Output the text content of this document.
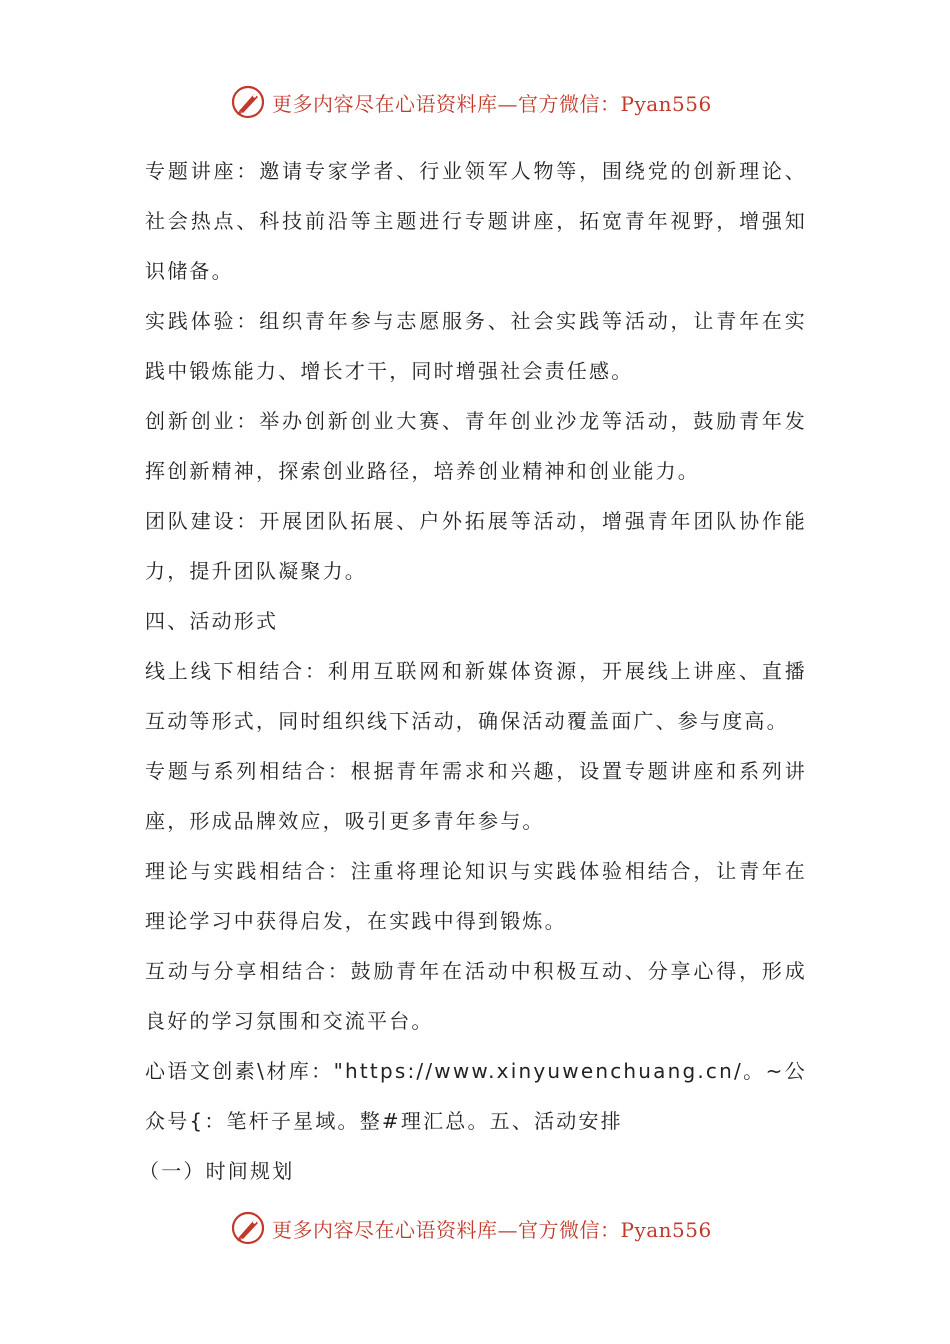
更多内容尽在心语资料库—官方微信：Pyan556

专题讲座：邀请专家学者、行业领军人物等，围绕党的创新理论、社会热点、科技前沿等主题进行专题讲座，拓宽青年视野，增强知识储备。

实践体验：组织青年参与志愿服务、社会实践等活动，让青年在实践中锻炼能力、增长才干，同时增强社会责任感。

创新创业：举办创新创业大赛、青年创业沙龙等活动，鼓励青年发挥创新精神，探索创业路径，培养创业精神和创业能力。

团队建设：开展团队拓展、户外拓展等活动，增强青年团队协作能力，提升团队凝聚力。

四、活动形式

线上线下相结合：利用互联网和新媒体资源，开展线上讲座、直播互动等形式，同时组织线下活动，确保活动覆盖面广、参与度高。

专题与系列相结合：根据青年需求和兴趣，设置专题讲座和系列讲座，形成品牌效应，吸引更多青年参与。

理论与实践相结合：注重将理论知识与实践体验相结合，让青年在理论学习中获得启发，在实践中得到锻炼。

互动与分享相结合：鼓励青年在活动中积极互动、分享心得，形成良好的学习氛围和交流平台。

心语文创素\材库："https://www.xinyuwenchuang.cn/。~公众号{：笔杆子星域。整#理汇总。五、活动安排

（一）时间规划

更多内容尽在心语资料库—官方微信：Pyan556
